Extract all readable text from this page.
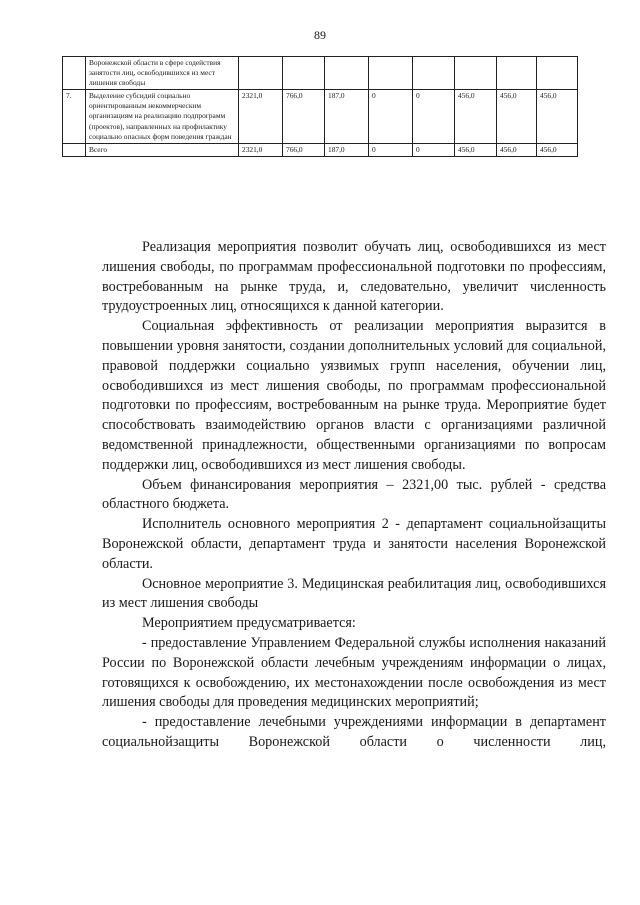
89
	Воронежской области в сфере содействия занятости лиц, освободившихся из мест лишения свободы								
7.	Выделение субсидий социально ориентированным некоммерческим организациям на реализацию подпрограмм (проектов), направленных на профилактику социально опасных форм поведения граждан	2321,0	766,0	187,0	0	0	456,0	456,0	456,0
	Всего	2321,0	766,0	187,0	0	0	456,0	456,0	456,0

Реализация мероприятия позволит обучать лиц, освободившихся из мест лишения свободы, по программам профессиональной подготовки по профессиям, востребованным на рынке труда, и, следовательно, увеличит численность трудоустроенных лиц, относящихся к данной категории.

Социальная эффективность от реализации мероприятия выразится в повышении уровня занятости, создании дополнительных условий для социальной, правовой поддержки социально уязвимых групп населения, обучении лиц, освободившихся из мест лишения свободы, по программам профессиональной подготовки по профессиям, востребованным на рынке труда. Мероприятие будет способствовать взаимодействию органов власти с организациями различной ведомственной принадлежности, общественными организациями по вопросам поддержки лиц, освободившихся из мест лишения свободы.

Объем финансирования мероприятия – 2321,00 тыс. рублей - средства областного бюджета.

Исполнитель основного мероприятия 2 - департамент социальнойзащиты Воронежской области, департамент труда и занятости населения Воронежской области.

Основное мероприятие 3. Медицинская реабилитация лиц, освободившихся из мест лишения свободы

Мероприятием предусматривается:

- предоставление Управлением Федеральной службы исполнения наказаний России по Воронежской области лечебным учреждениям информации о лицах, готовящихся к освобождению, их местонахождении после освобождения из мест лишения свободы для проведения медицинских мероприятий;

- предоставление лечебными учреждениями информации в департамент социальнойзащиты Воронежской области о численности лиц,
